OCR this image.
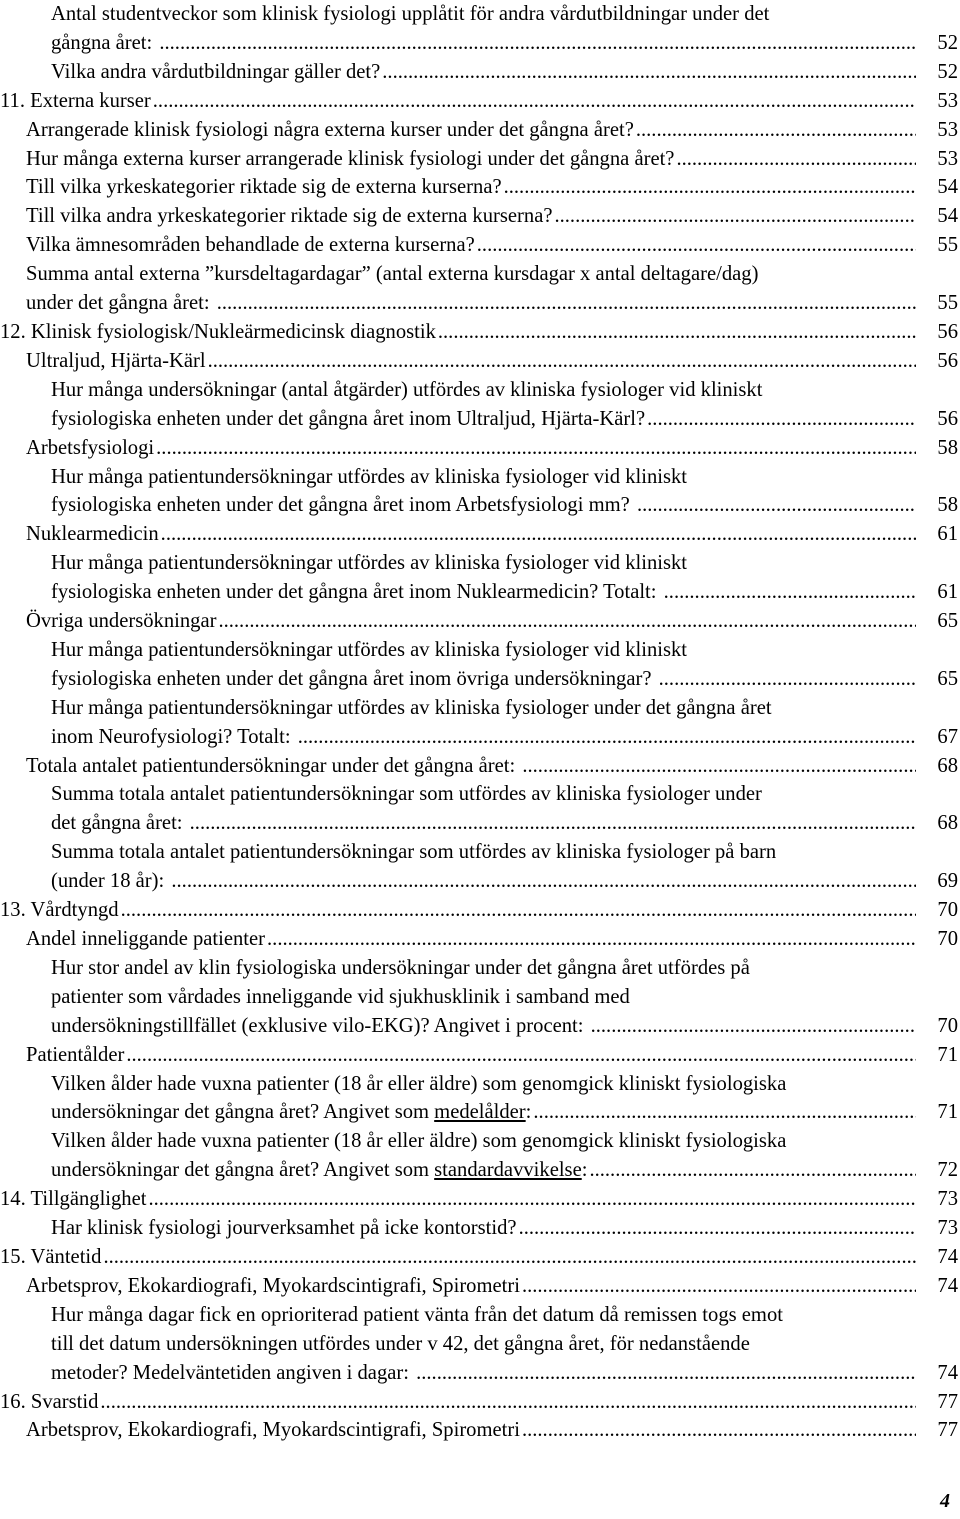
Antal studentveckor som klinisk fysiologi upplåtit för andra vårdutbildningar under det
gångna året: .....	52
Vilka andra vårdutbildningar gäller det? .....	52
11. Externa kurser .....	53
Arrangerade klinisk fysiologi några externa kurser under det gångna året? .....	53
Hur många externa kurser arrangerade klinisk fysiologi under det gångna året? .....	53
Till vilka yrkeskategorier riktade sig de externa kurserna? .....	54
Till vilka andra yrkeskategorier riktade sig de externa kurserna? .....	54
Vilka ämnesområden behandlade de externa kurserna? .....	55
Summa antal externa ”kursdeltagardagar” (antal externa kursdagar x antal deltagare/dag)
under det gångna året: .....	55
12. Klinisk fysiologisk/Nukleärmedicinsk diagnostik .....	56
Ultraljud, Hjärta-Kärl .....	56
Hur många undersökningar (antal åtgärder) utfördes av kliniska fysiologer vid kliniskt
fysiologiska enheten under det gångna året inom Ultraljud, Hjärta-Kärl? .....	56
Arbetsfysiologi .....	58
Hur många patientundersökningar utfördes av kliniska fysiologer vid kliniskt
fysiologiska enheten under det gångna året inom Arbetsfysiologi mm? .....	58
Nuklearmedicin .....	61
Hur många patientundersökningar utfördes av kliniska fysiologer vid kliniskt
fysiologiska enheten under det gångna året inom Nuklearmedicin? Totalt: .....	61
Övriga undersökningar .....	65
Hur många patientundersökningar utfördes av kliniska fysiologer vid kliniskt
fysiologiska enheten under det gångna året inom övriga undersökningar? .....	65
Hur många patientundersökningar utfördes av kliniska fysiologer under det gångna året
inom Neurofysiologi? Totalt: .....	67
Totala antalet patientundersökningar under det gångna året: .....	68
Summa totala antalet patientundersökningar som utfördes av kliniska fysiologer under
det gångna året: .....	68
Summa totala antalet patientundersökningar som utfördes av kliniska fysiologer på barn
(under 18 år): .....	69
13. Vårdtyngd .....	70
Andel inneliggande patienter .....	70
Hur stor andel av klin fysiologiska undersökningar under det gångna året utfördes på
patienter som vårdades inneliggande vid sjukhusklinik i samband med
undersökningstillfället (exklusive vilo-EKG)? Angivet i procent: .....	70
Patientålder .....	71
Vilken ålder hade vuxna patienter (18 år eller äldre) som genomgick kliniskt fysiologiska
undersökningar det gångna året? Angivet som medelålder: .....	71
Vilken ålder hade vuxna patienter (18 år eller äldre) som genomgick kliniskt fysiologiska
undersökningar det gångna året? Angivet som standardavvikelse: .....	72
14. Tillgänglighet .....	73
Har klinisk fysiologi jourverksamhet på icke kontorstid? .....	73
15. Väntetid .....	74
Arbetsprov, Ekokardiografi, Myokardscintigrafi, Spirometri .....	74
Hur många dagar fick en oprioriterad patient vänta från det datum då remissen togs emot
till det datum undersökningen utfördes under v 42, det gångna året, för nedanstående
metoder? Medelväntetiden angiven i dagar: .....	74
16. Svarstid .....	77
Arbetsprov, Ekokardiografi, Myokardscintigrafi, Spirometri .....	77
4
